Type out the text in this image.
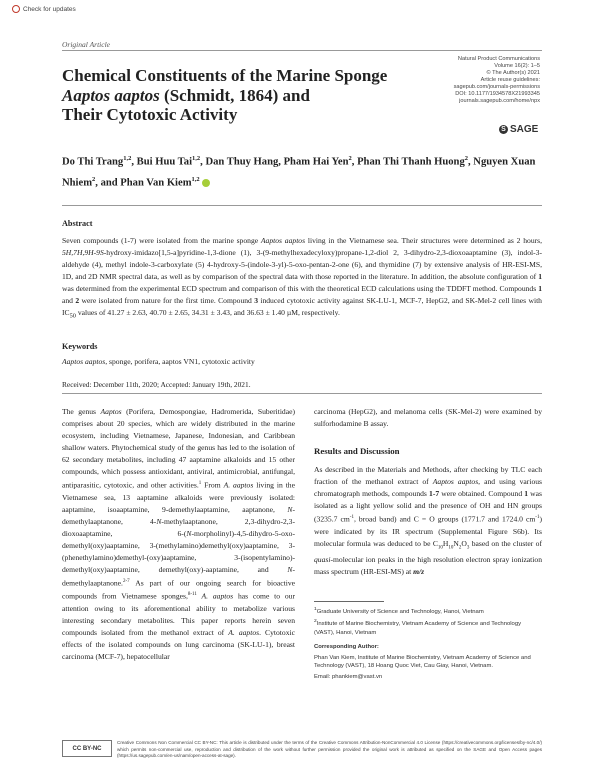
Check for updates
Original Article
Natural Product Communications
Volume 16(2): 1–5
© The Author(s) 2021
Article reuse guidelines:
sagepub.com/journals-permissions
DOI: 10.1177/1934578X21993345
journals.sagepub.com/home/npx
S SAGE
Chemical Constituents of the Marine Sponge
Aaptos aaptos (Schmidt, 1864) and
Their Cytotoxic Activity
Do Thi Trang$^{1,2}$, Bui Huu Tai$^{1,2}$, Dan Thuy Hang, Pham Hai Yen$^2$, Phan Thi Thanh Huong$^2$, Nguyen Xuan Nhiem$^2$, and Phan Van Kiem$^{1,2}$
Abstract
Seven compounds (1-7) were isolated from the marine sponge Aaptos aaptos living in the Vietnamese sea. Their structures were determined as 2 hours, 5H,7H,9H-9S-hydroxy-imidazo[1,5-a]pyridine-1,3-dione (1), 3-(9-methylhexadecyloxy)propane-1,2-diol 2, 3-dihydro-2,3-dioxoaaptamine (3), indol-3-aldehyde (4), methyl indole-3-carboxylate (5) 4-hydroxy-5-(indole-3-yl)-5-oxo-pentan-2-one (6), and thymidine (7) by extensive analysis of HR-ESI-MS, 1D, and 2D NMR spectral data, as well as by comparison of the spectral data with those reported in the literature. In addition, the absolute configuration of 1 was determined from the experimental ECD spectrum and comparison of this with the theoretical ECD calculations using the TDDFT method. Compounds 1 and 2 were isolated from nature for the first time. Compound 3 induced cytotoxic activity against SK-LU-1, MCF-7, HepG2, and SK-Mel-2 cell lines with $IC_{50}$ values of 41.27 ± 2.63, 40.70 ± 2.65, 34.31 ± 3.43, and 36.63 ± 1.40 µM, respectively.
Keywords
Aaptos aaptos, sponge, porifera, aaptos VN1, cytotoxic activity
Received: December 11th, 2020; Accepted: January 19th, 2021.
The genus Aaptos (Porifera, Demospongiae, Hadromerida, Suberitidae) comprises about 20 species, which are widely distributed in the marine ecosystem, including Vietnamese, Japanese, Indonesian, and Caribbean shallow waters. Phytochemical study of the genus has led to the isolation of 62 secondary metabolites, including 47 aaptamine alkaloids and 15 other compounds, which possess antioxidant, antiviral, antimicrobial, antifungal, antiparasitic, cytotoxic, and other activities.$^1$ From A. aaptos living in the Vietnamese sea, 13 aaptamine alkaloids were previously isolated: aaptamine, isoaaptamine, 9-demethylaaptamine, aaptanone, N-demethylaaptanone, 4-N-methylaaptanone, 2,3-dihydro-2,3-dioxoaaptamine, 6-(N-morpholinyl)-4,5-dihydro-5-oxo-demethyl(oxy)aaptamine, 3-(methylamino)demethyl(oxy)aaptamine, 3-(phenethylamino)demethyl-(oxy)aaptamine, 3-(isopentylamino)-demethyl(oxy)aaptamine, demethyl(oxy)-aaptamine, and N-demethylaaptanone.$^{2-7}$ As part of our ongoing search for bioactive compounds from Vietnamese sponges,$^{8-11}$ A. aaptos has come to our attention owing to its aforementional ability to metabolize various interesting secondary metabolites. This paper reports herein seven compounds isolated from the methanol extract of A. aaptos. Cytotoxic effects of the isolated compounds on lung carcinoma (SK-LU-1), breast carcinoma (MCF-7), hepatocellular
carcinoma (HepG2), and melanoma cells (SK-Mel-2) were examined by sulforhodamine B assay.
Results and Discussion
As described in the Materials and Methods, after checking by TLC each fraction of the methanol extract of Aaptos aaptos, and using various chromatograph methods, compounds 1-7 were obtained. Compound 1 was isolated as a light yellow solid and the presence of OH and HN groups (3235.7 $cm^{-1}$, broad band) and C = O groups (1771.7 and 1724.0 $cm^{-1}$) were indicated by its IR spectrum (Supplemental Figure S6b). Its molecular formula was deduced to be $C_{10}H_{10}N_2O_3$ based on the cluster of quasi-molecular ion peaks in the high resolution electron spray ionization mass spectrum (HR-ESI-MS) at m/z

$^1$Graduate University of Science and Technology, Hanoi, Vietnam

$^2$Institute of Marine Biochemistry, Vietnam Academy of Science and Technology (VAST), Hanoi, Vietnam

Corresponding Author:

Phan Van Kiem, Institute of Marine Biochemistry, Vietnam Academy of Science and Technology (VAST), 18 Hoang Quoc Viet, Cau Giay, Hanoi, Vietnam.

Email: phankiem@vast.vn

CC BY-NC
Creative Commons Non Commercial CC BY-NC: This article is distributed under the terms of the Creative Commons Attribution-NonCommercial 4.0 License (https://creativecommons.org/licenses/by-nc/4.0/) which permits non-commercial use, reproduction and distribution of the work without further permission provided the original work is attributed as specified on the SAGE and Open Access pages (https://us.sagepub.com/en-us/nam/open-access-at-sage).
